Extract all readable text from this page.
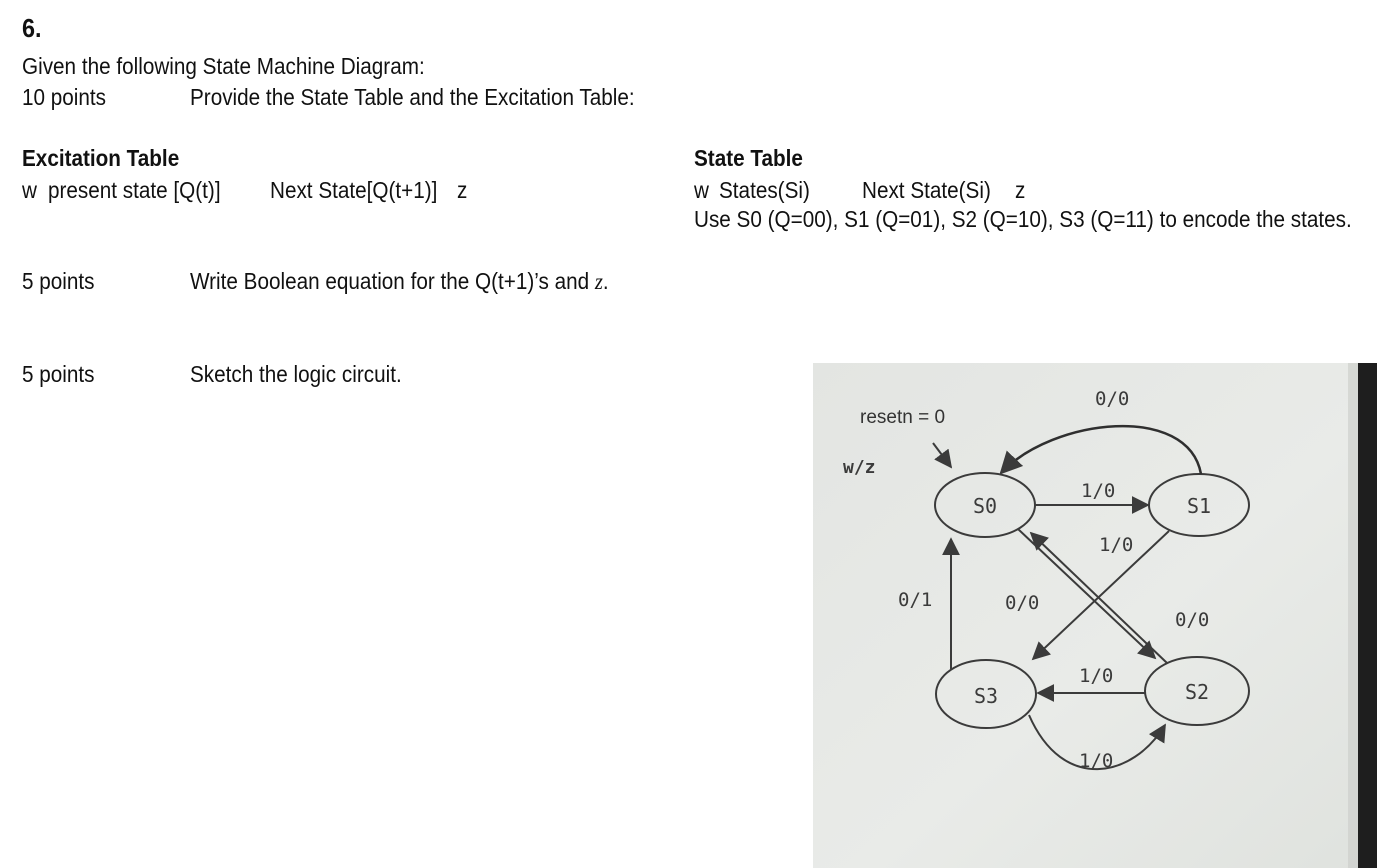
6.
Given the following State Machine Diagram:
10 points	Provide the State Table and the Excitation Table:
Excitation Table
w present state [Q(t)] Next State[Q(t+1)] z
State Table
w States(Si) Next State(Si) z
Use S0 (Q=00), S1 (Q=01), S2 (Q=10), S3 (Q=11) to encode the states.
5 points	Write Boolean equation for the Q(t+1)’s and z.
5 points	Sketch the logic circuit.
S0	S1
S2
S3
resetn = 0
w/z
0/0
1/0
1/0
0/0
0/0
1/0
1/0
0/1
